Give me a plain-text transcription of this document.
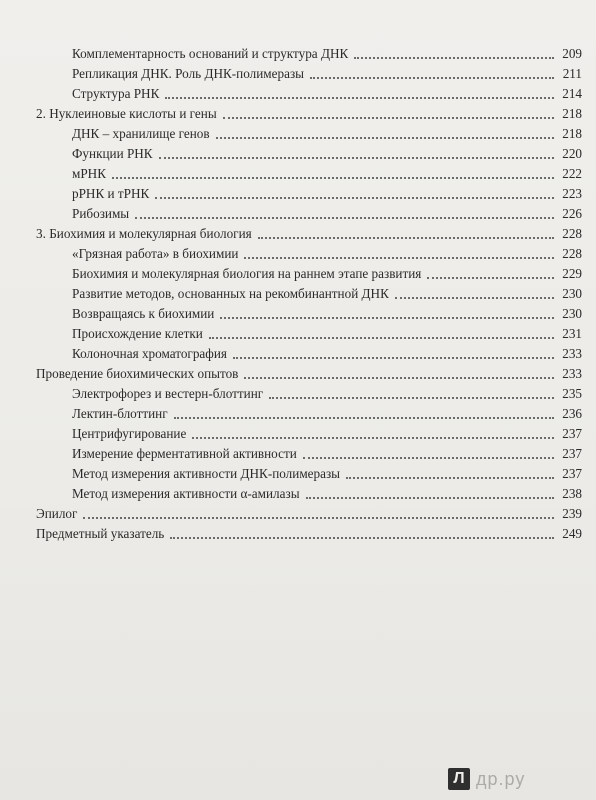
Комплементарность оснований и структура ДНК	209
Репликация ДНК. Роль ДНК-полимеразы	211
Структура РНК	214
2. Нуклеиновые кислоты и гены	218
ДНК – хранилище генов	218
Функции РНК	220
мРНК	222
рРНК и тРНК	223
Рибозимы	226
3. Биохимия и молекулярная биология	228
«Грязная работа» в биохимии	228
Биохимия и молекулярная биология на раннем этапе развития	229
Развитие методов, основанных на рекомбинантной ДНК	230
Возвращаясь к биохимии	230
Происхождение клетки	231
Колоночная хроматография	233
Проведение биохимических опытов	233
Электрофорез и вестерн-блоттинг	235
Лектин-блоттинг	236
Центрифугирование	237
Измерение ферментативной активности	237
Метод измерения активности ДНК-полимеразы	237
Метод измерения активности α-амилазы	238
Эпилог	239
Предметный указатель	249
Л др.ру
